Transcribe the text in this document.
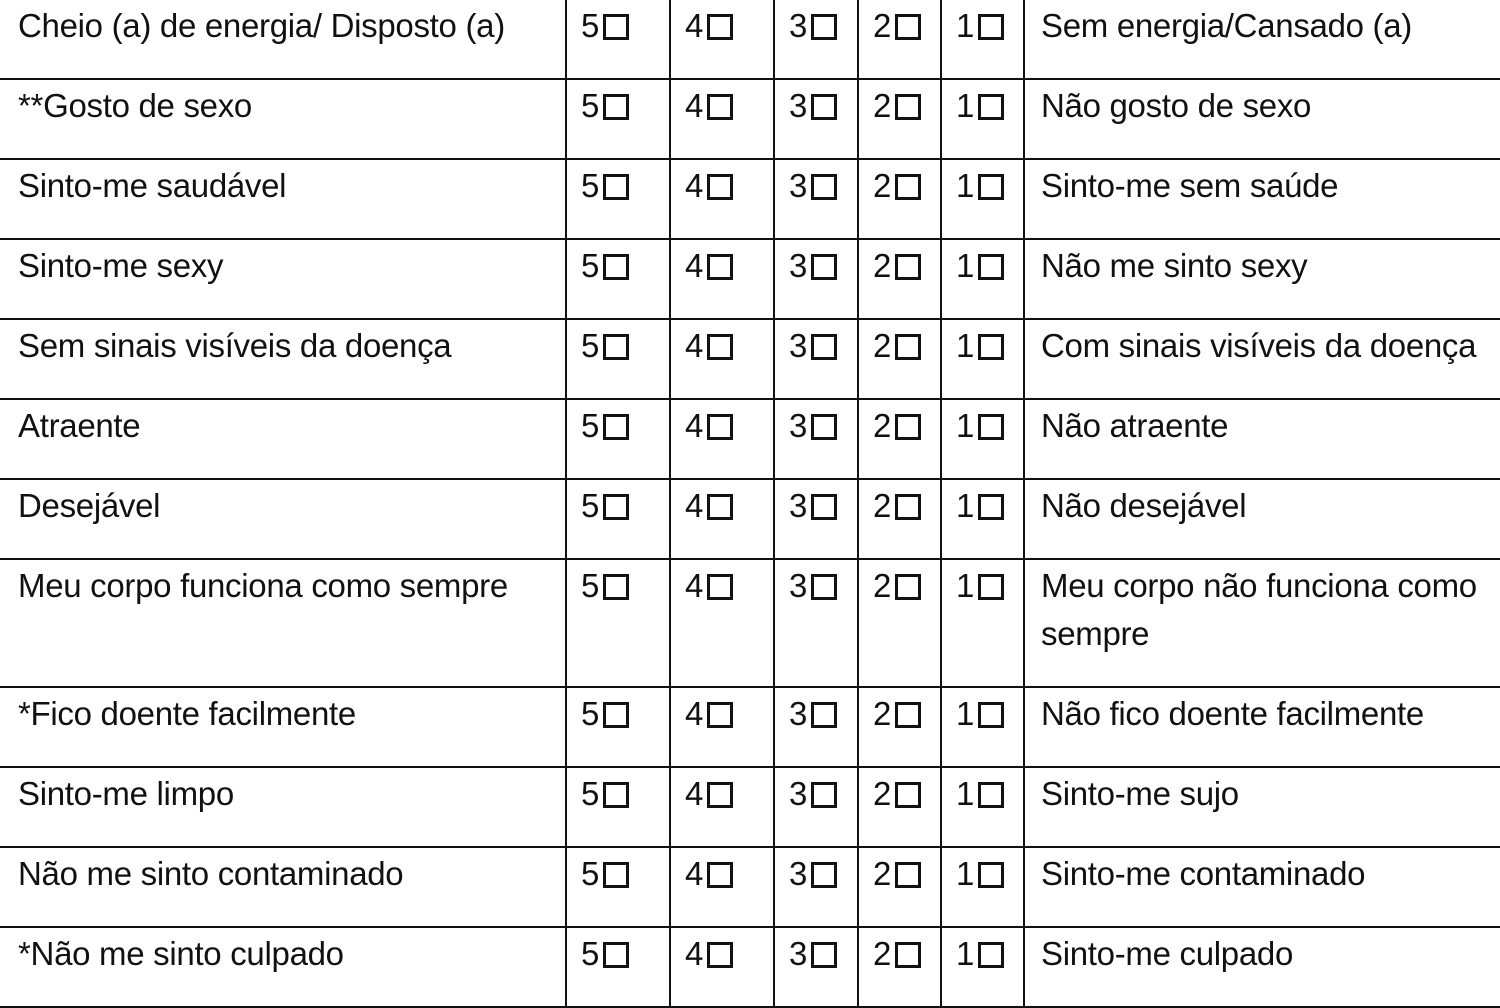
Cheio (a) de energia/ Disposto (a)	5	4	3	2	1	Sem energia/Cansado (a)
**Gosto de sexo	5	4	3	2	1	Não gosto de sexo
Sinto-me saudável	5	4	3	2	1	Sinto-me sem saúde
Sinto-me sexy	5	4	3	2	1	Não me sinto sexy
Sem sinais visíveis da doença	5	4	3	2	1	Com sinais visíveis da doença
Atraente	5	4	3	2	1	Não atraente
Desejável	5	4	3	2	1	Não desejável
Meu corpo funciona como sempre	5	4	3	2	1	Meu corpo não funciona como sempre
*Fico doente facilmente	5	4	3	2	1	Não fico doente facilmente
Sinto-me limpo	5	4	3	2	1	Sinto-me sujo
Não me sinto contaminado	5	4	3	2	1	Sinto-me contaminado
*Não me sinto culpado	5	4	3	2	1	Sinto-me culpado
